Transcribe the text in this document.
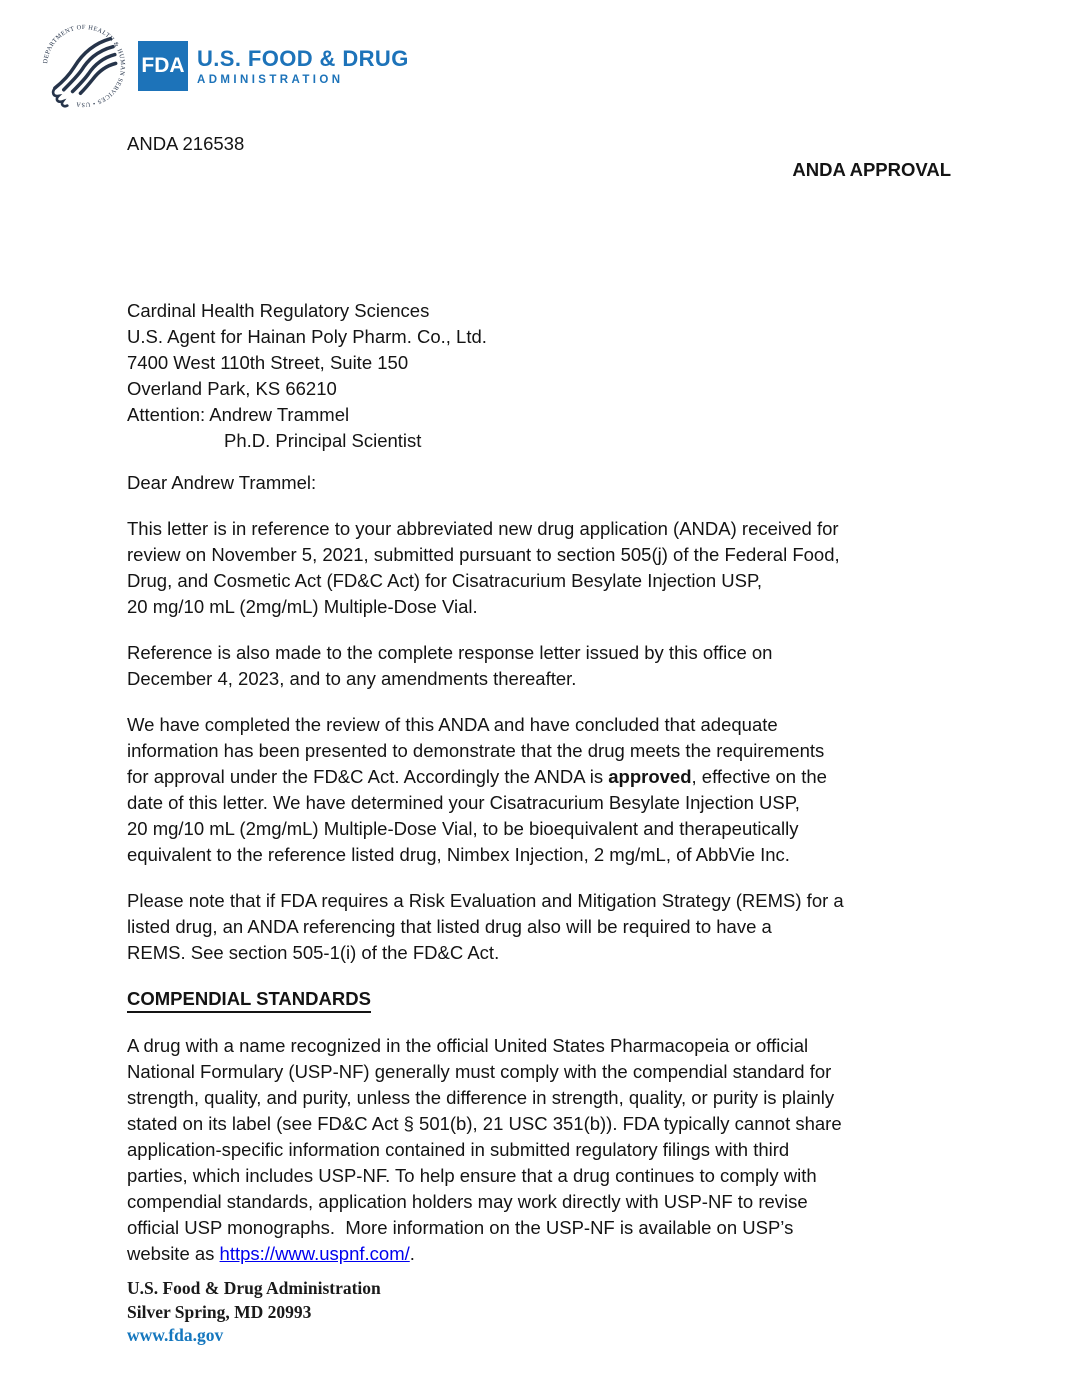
DEPARTMENT OF HEALTH & HUMAN SERVICES • USA
FDA U.S. FOOD & DRUG
ADMINISTRATION
ANDA 216538
ANDA APPROVAL
Cardinal Health Regulatory Sciences
U.S. Agent for Hainan Poly Pharm. Co., Ltd.
7400 West 110th Street, Suite 150
Overland Park, KS 66210
Attention: Andrew Trammel
Ph.D. Principal Scientist
Dear Andrew Trammel:
This letter is in reference to your abbreviated new drug application (ANDA) received for
review on November 5, 2021, submitted pursuant to section 505(j) of the Federal Food,
Drug, and Cosmetic Act (FD&C Act) for Cisatracurium Besylate Injection USP,
20 mg/10 mL (2mg/mL) Multiple-Dose Vial.
Reference is also made to the complete response letter issued by this office on
December 4, 2023, and to any amendments thereafter.
We have completed the review of this ANDA and have concluded that adequate
information has been presented to demonstrate that the drug meets the requirements
for approval under the FD&C Act. Accordingly the ANDA is approved, effective on the
date of this letter. We have determined your Cisatracurium Besylate Injection USP,
20 mg/10 mL (2mg/mL) Multiple-Dose Vial, to be bioequivalent and therapeutically
equivalent to the reference listed drug, Nimbex Injection, 2 mg/mL, of AbbVie Inc.
Please note that if FDA requires a Risk Evaluation and Mitigation Strategy (REMS) for a
listed drug, an ANDA referencing that listed drug also will be required to have a
REMS. See section 505-1(i) of the FD&C Act.
COMPENDIAL STANDARDS
A drug with a name recognized in the official United States Pharmacopeia or official
National Formulary (USP-NF) generally must comply with the compendial standard for
strength, quality, and purity, unless the difference in strength, quality, or purity is plainly
stated on its label (see FD&C Act § 501(b), 21 USC 351(b)). FDA typically cannot share
application-specific information contained in submitted regulatory filings with third
parties, which includes USP-NF. To help ensure that a drug continues to comply with
compendial standards, application holders may work directly with USP-NF to revise
official USP monographs.  More information on the USP-NF is available on USP’s
website as https://www.uspnf.com/.
U.S. Food & Drug Administration
Silver Spring, MD 20993
www.fda.gov
